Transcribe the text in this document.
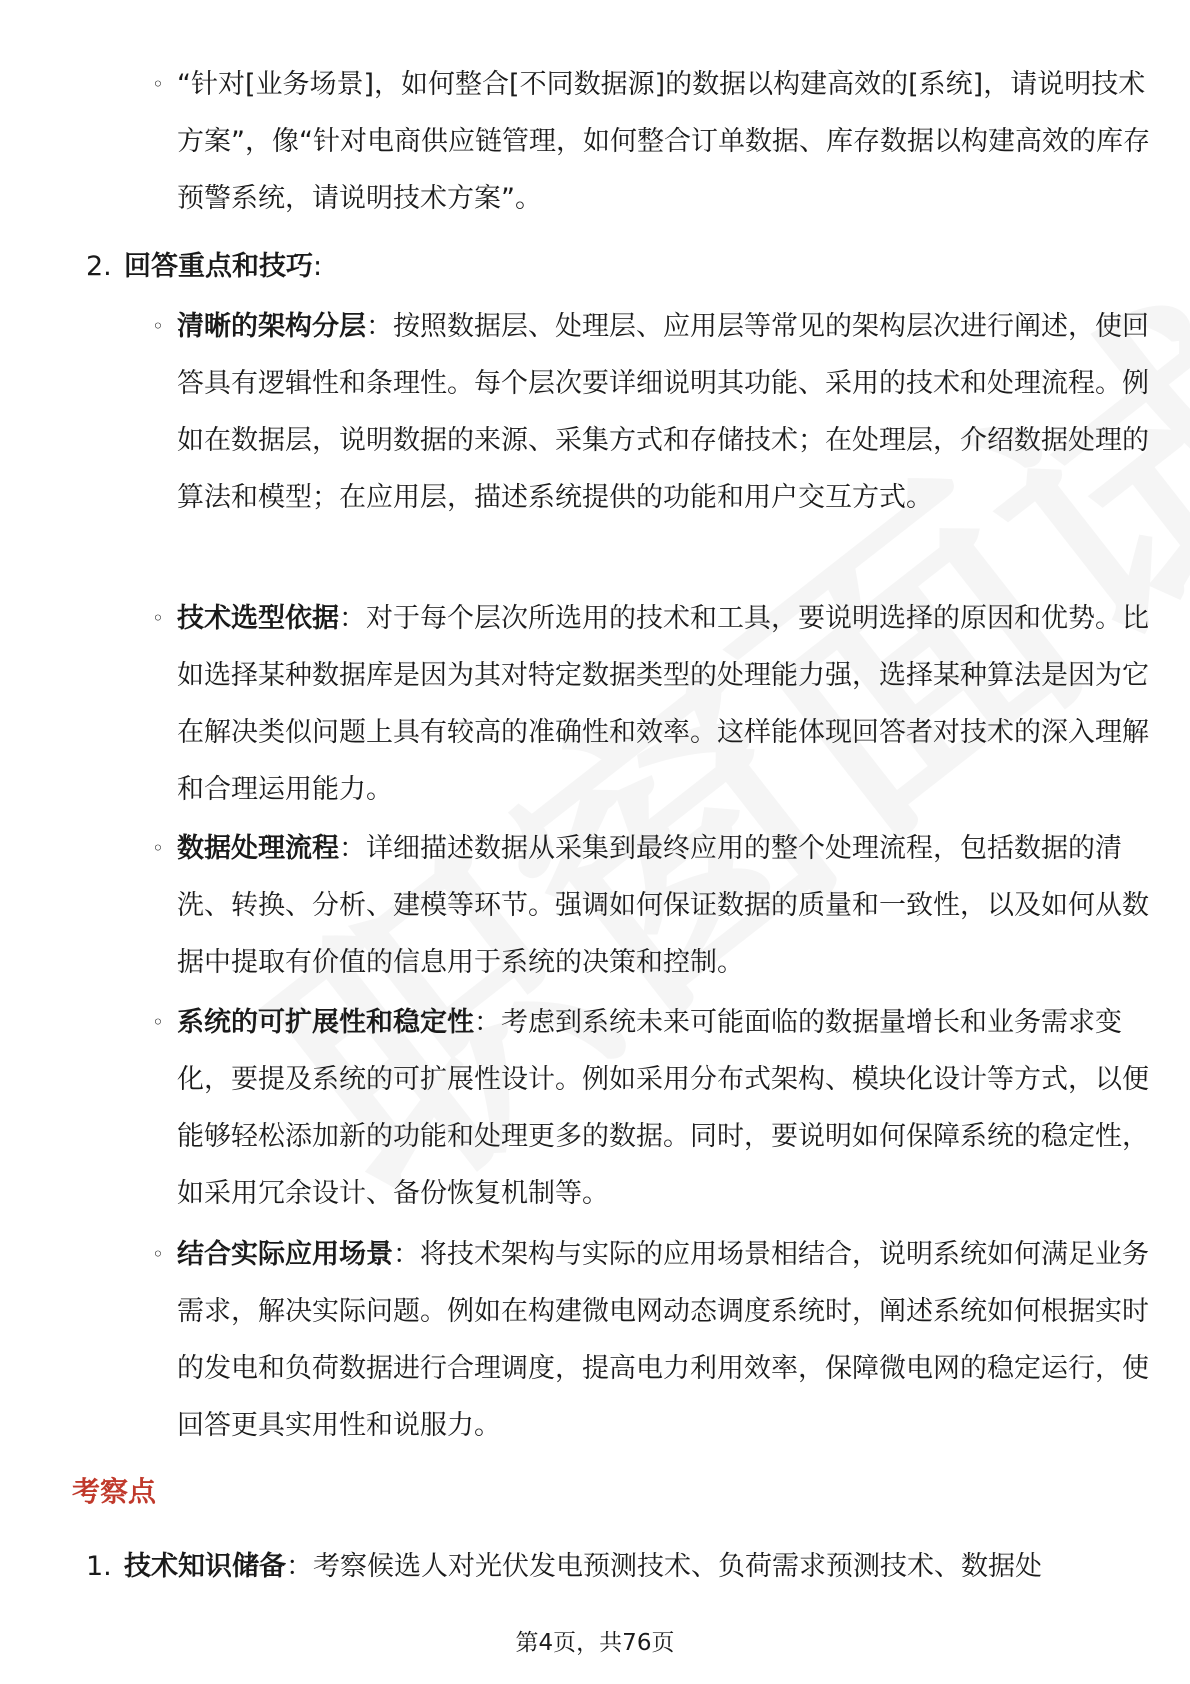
◦ “针对[业务场景]，如何整合[不同数据源]的数据以构建高效的[系统]，请说明技术方案”，像“针对电商供应链管理，如何整合订单数据、库存数据以构建高效的库存预警系统，请说明技术方案”。
2. 回答重点和技巧:
◦ 清晰的架构分层：按照数据层、处理层、应用层等常见的架构层次进行阐述，使回答具有逻辑性和条理性。每个层次要详细说明其功能、采用的技术和处理流程。例如在数据层，说明数据的来源、采集方式和存储技术；在处理层，介绍数据处理的算法和模型；在应用层，描述系统提供的功能和用户交互方式。
◦ 技术选型依据：对于每个层次所选用的技术和工具，要说明选择的原因和优势。比如选择某种数据库是因为其对特定数据类型的处理能力强，选择某种算法是因为它在解决类似问题上具有较高的准确性和效率。这样能体现回答者对技术的深入理解和合理运用能力。
◦ 数据处理流程：详细描述数据从采集到最终应用的整个处理流程，包括数据的清洗、转换、分析、建模等环节。强调如何保证数据的质量和一致性，以及如何从数据中提取有价值的信息用于系统的决策和控制。
◦ 系统的可扩展性和稳定性：考虑到系统未来可能面临的数据量增长和业务需求变化，要提及系统的可扩展性设计。例如采用分布式架构、模块化设计等方式，以便能够轻松添加新的功能和处理更多的数据。同时，要说明如何保障系统的稳定性，如采用冗余设计、备份恢复机制等。
◦ 结合实际应用场景：将技术架构与实际的应用场景相结合，说明系统如何满足业务需求，解决实际问题。例如在构建微电网动态调度系统时，阐述系统如何根据实时的发电和负荷数据进行合理调度，提高电力利用效率，保障微电网的稳定运行，使回答更具实用性和说服力。
考察点
1. 技术知识储备：考察候选人对光伏发电预测技术、负荷需求预测技术、数据处
第4页，共76页
